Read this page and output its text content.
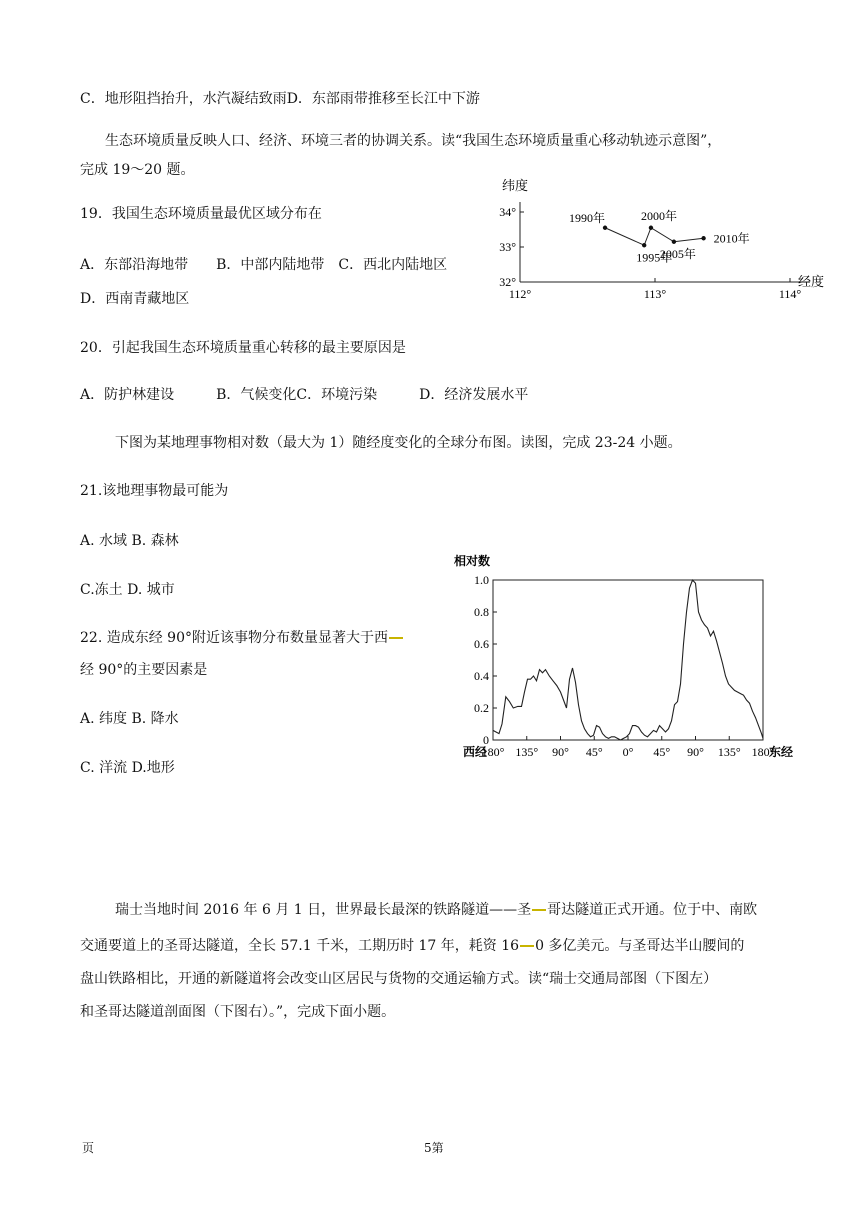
C．地形阻挡抬升，水汽凝结致雨D．东部雨带推移至长江中下游
生态环境质量反映人口、经济、环境三者的协调关系。读“我国生态环境质量重心移动轨迹示意图”，
完成 19～20 题。
19．我国生态环境质量最优区域分布在
A．东部沿海地带　　B．中部内陆地带　C．西北内陆地区
D．西南青藏地区
纬度
经度
112°	113°	114°
32°
33°
34°	1990年
1995年
2000年
2005年
2010年
20．引起我国生态环境质量重心转移的最主要原因是
A．防护林建设　　　B．气候变化C．环境污染　　　D．经济发展水平
下图为某地理事物相对数（最大为 1）随经度变化的全球分布图。读图，完成 23-24 小题。
21.该地理事物最可能为
A. 水域 B. 森林
C.冻土 D. 城市
22. 造成东经 90°附近该事物分布数量显著大于西
经 90°的主要因素是
A. 纬度 B. 降水
C. 洋流 D.地形
相对数
0
0.2
0.4
0.6
0.8
1.0
180° 135° 90° 45° 0° 45° 90° 135° 180°
西经	东经
瑞士当地时间 2016 年 6 月 1 日，世界最长最深的铁路隧道——圣 哥达隧道正式开通。位于中、南欧
交通要道上的圣哥达隧道，全长 57.1 千米，工期历时 17 年，耗资 16 0 多亿美元。与圣哥达半山腰间的
盘山铁路相比，开通的新隧道将会改变山区居民与货物的交通运输方式。读“瑞士交通局部图（下图左）
和圣哥达隧道剖面图（下图右）。”，完成下面小题。
页	5第
